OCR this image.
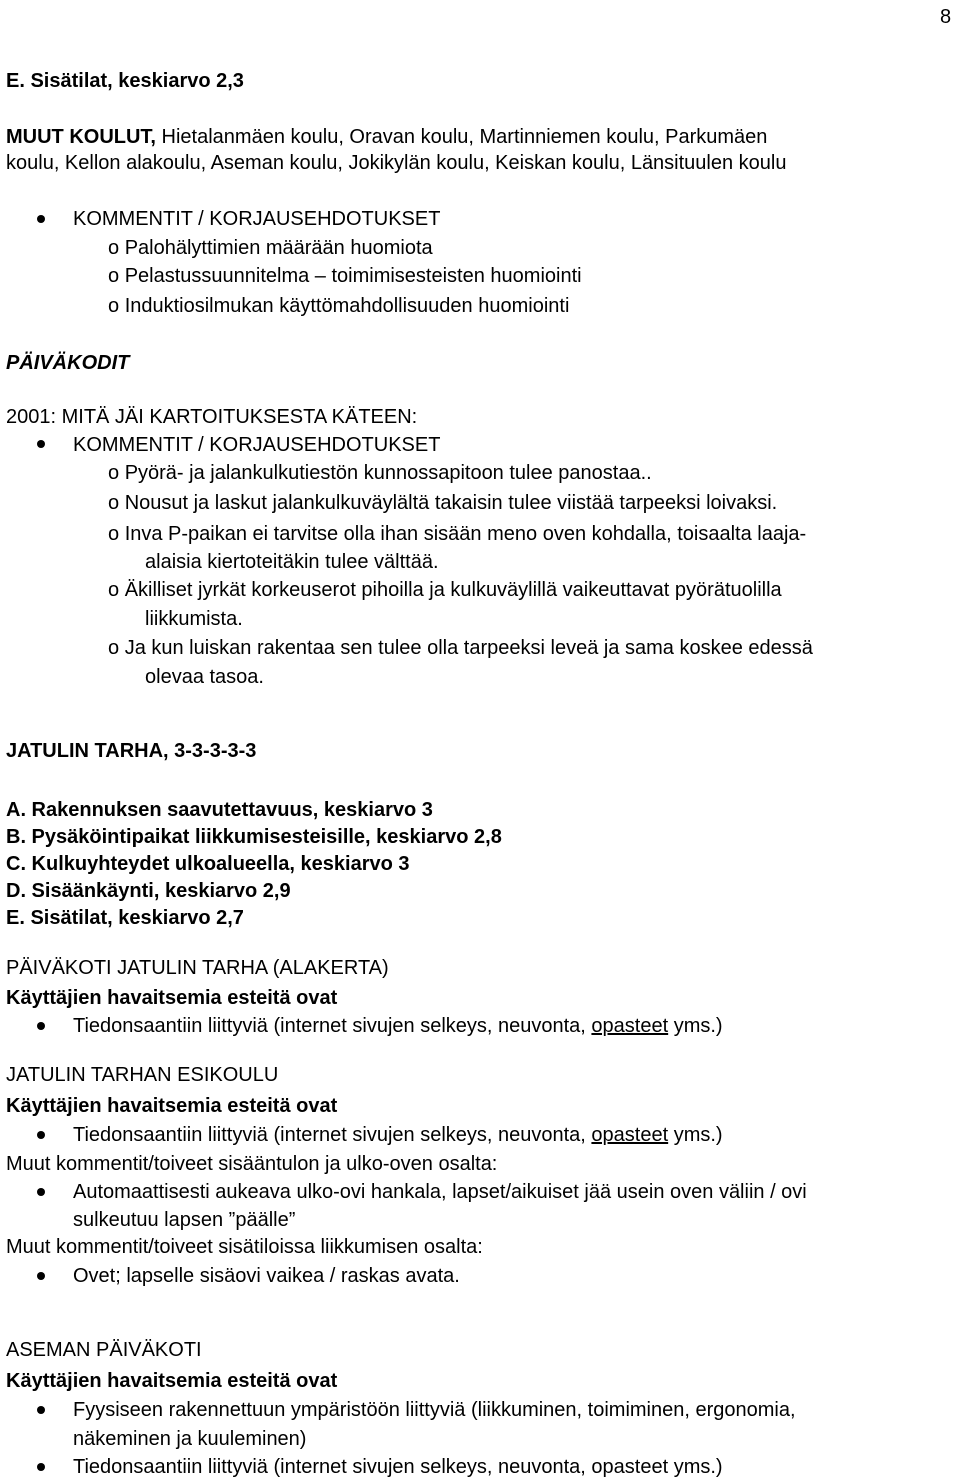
8
E. Sisätilat, keskiarvo 2,3
MUUT KOULUT, Hietalanmäen koulu, Oravan koulu, Martinniemen koulu, Parkumäen
koulu, Kellon alakoulu, Aseman koulu, Jokikylän koulu, Keiskan koulu, Länsituulen koulu
KOMMENTIT / KORJAUSEHDOTUKSET
o Palohälyttimien määrään huomiota
o Pelastussuunnitelma – toimimisesteisten huomiointi
o Induktiosilmukan käyttömahdollisuuden huomiointi
PÄIVÄKODIT
2001: MITÄ JÄI KARTOITUKSESTA KÄTEEN:
KOMMENTIT / KORJAUSEHDOTUKSET
o Pyörä- ja jalankulkutiestön kunnossapitoon tulee panostaa..
o Nousut ja laskut jalankulkuväylältä takaisin tulee viistää tarpeeksi loivaksi.
o Inva P-paikan ei tarvitse olla ihan sisään meno oven kohdalla, toisaalta laaja-
alaisia kiertoteitäkin tulee välttää.
o Äkilliset jyrkät korkeuserot pihoilla ja kulkuväylillä vaikeuttavat pyörätuolilla
liikkumista.
o Ja kun luiskan rakentaa sen tulee olla tarpeeksi leveä ja sama koskee edessä
olevaa tasoa.
JATULIN TARHA, 3-3-3-3-3
A. Rakennuksen saavutettavuus, keskiarvo 3
B. Pysäköintipaikat liikkumisesteisille, keskiarvo 2,8
C. Kulkuyhteydet ulkoalueella, keskiarvo 3
D. Sisäänkäynti, keskiarvo 2,9
E. Sisätilat, keskiarvo 2,7
PÄIVÄKOTI JATULIN TARHA (ALAKERTA)
Käyttäjien havaitsemia esteitä ovat
Tiedonsaantiin liittyviä (internet sivujen selkeys, neuvonta, opasteet yms.)
JATULIN TARHAN ESIKOULU
Käyttäjien havaitsemia esteitä ovat
Tiedonsaantiin liittyviä (internet sivujen selkeys, neuvonta, opasteet yms.)
Muut kommentit/toiveet sisääntulon ja ulko-oven osalta:
Automaattisesti aukeava ulko-ovi hankala, lapset/aikuiset jää usein oven väliin / ovi
sulkeutuu lapsen ”päälle”
Muut kommentit/toiveet sisätiloissa liikkumisen osalta:
Ovet; lapselle sisäovi vaikea / raskas avata.
ASEMAN PÄIVÄKOTI
Käyttäjien havaitsemia esteitä ovat
Fyysiseen rakennettuun ympäristöön liittyviä (liikkuminen, toimiminen, ergonomia,
näkeminen ja kuuleminen)
Tiedonsaantiin liittyviä (internet sivujen selkeys, neuvonta, opasteet yms.)
